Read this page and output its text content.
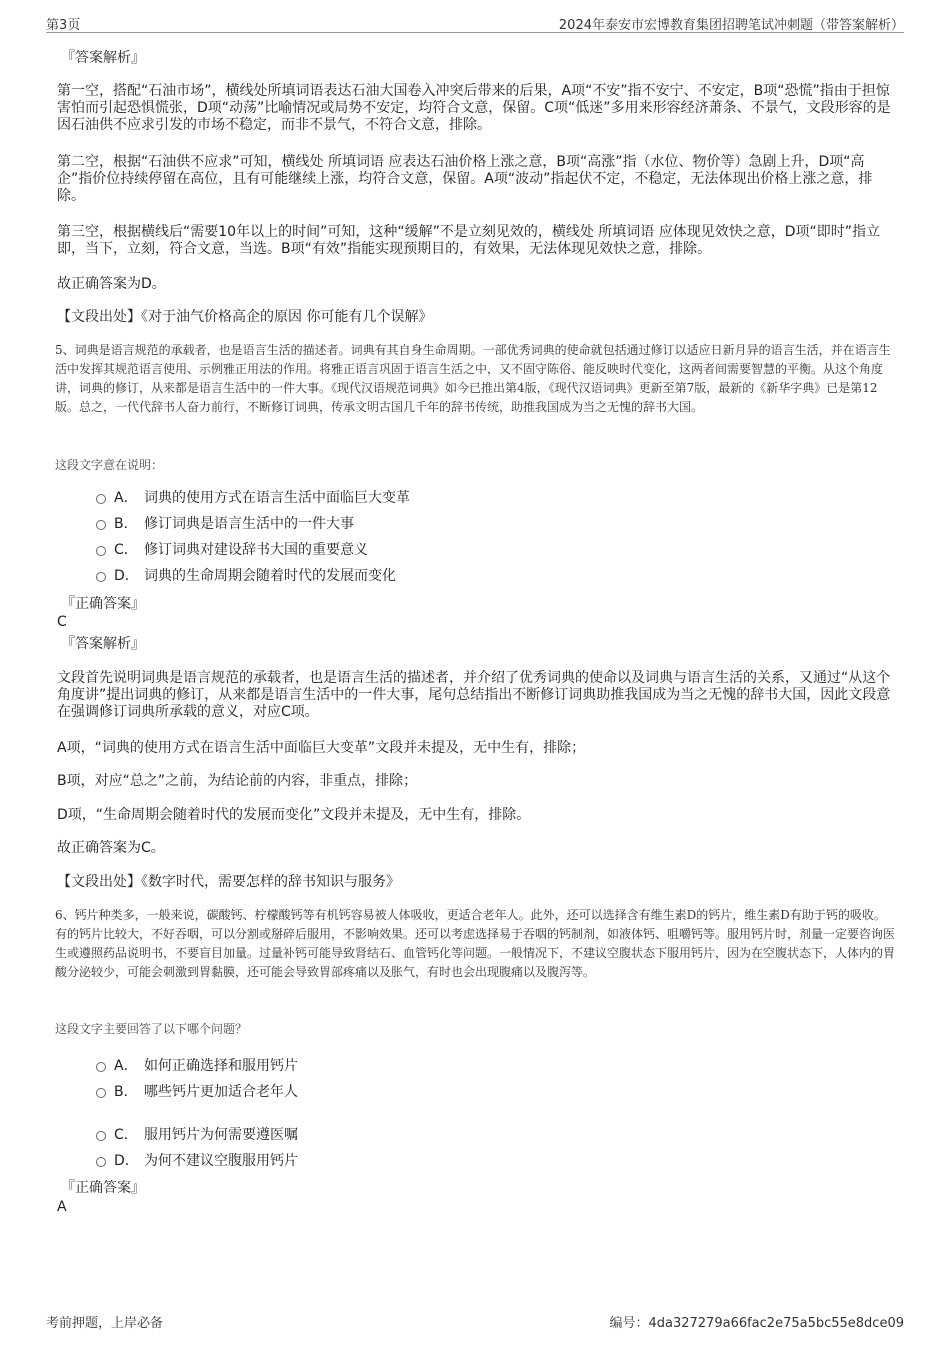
第3页	2024年泰安市宏博教育集团招聘笔试冲刺题（带答案解析）
『答案解析』
第一空，搭配“石油市场”，横线处所填词语表达石油大国卷入冲突后带来的后果，A项“不安”指不安宁、不安定，B项“恐慌”指由于担惊害怕而引起恐惧慌张，D项“动荡”比喻情况或局势不安定，均符合文意，保留。C项“低迷”多用来形容经济萧条、不景气，文段形容的是因石油供不应求引发的市场不稳定，而非不景气，不符合文意，排除。
第二空，根据“石油供不应求”可知，横线处 所填词语 应表达石油价格上涨之意，B项“高涨”指（水位、物价等）急剧上升，D项“高企”指价位持续停留在高位，且有可能继续上涨，均符合文意，保留。A项“波动”指起伏不定，不稳定，无法体现出价格上涨之意，排除。
第三空，根据横线后“需要10年以上的时间”可知，这种“缓解”不是立刻见效的，横线处 所填词语 应体现见效快之意，D项“即时”指立即，当下，立刻，符合文意，当选。B项“有效”指能实现预期目的，有效果，无法体现见效快之意，排除。
故正确答案为D。
【文段出处】《对于油气价格高企的原因 你可能有几个误解》
5、词典是语言规范的承载者，也是语言生活的描述者。词典有其自身生命周期。一部优秀词典的使命就包括通过修订以适应日新月异的语言生活，并在语言生活中发挥其规范语言使用、示例雅正用法的作用。将雅正语言巩固于语言生活之中，又不固守陈俗、能反映时代变化，这两者间需要智慧的平衡。从这个角度讲，词典的修订，从来都是语言生活中的一件大事。《现代汉语规范词典》如今已推出第4版，《现代汉语词典》更新至第7版，最新的《新华字典》已是第12版。总之，一代代辞书人奋力前行，不断修订词典，传承文明古国几千年的辞书传统，助推我国成为当之无愧的辞书大国。
这段文字意在说明：
A． 词典的使用方式在语言生活中面临巨大变革
B． 修订词典是语言生活中的一件大事
C． 修订词典对建设辞书大国的重要意义
D． 词典的生命周期会随着时代的发展而变化
『正确答案』
C
『答案解析』
文段首先说明词典是语言规范的承载者，也是语言生活的描述者，并介绍了优秀词典的使命以及词典与语言生活的关系，又通过“从这个角度讲”提出词典的修订，从来都是语言生活中的一件大事，尾句总结指出不断修订词典助推我国成为当之无愧的辞书大国，因此文段意在强调修订词典所承载的意义，对应C项。
A项，“词典的使用方式在语言生活中面临巨大变革”文段并未提及，无中生有，排除；
B项，对应“总之”之前，为结论前的内容，非重点，排除；
D项，“生命周期会随着时代的发展而变化”文段并未提及，无中生有，排除。
故正确答案为C。
【文段出处】《数字时代，需要怎样的辞书知识与服务》
6、钙片种类多，一般来说，碳酸钙、柠檬酸钙等有机钙容易被人体吸收，更适合老年人。此外，还可以选择含有维生素D的钙片，维生素D有助于钙的吸收。有的钙片比较大，不好吞咽，可以分割或掰碎后服用，不影响效果。还可以考虑选择易于吞咽的钙制剂，如液体钙、咀嚼钙等。服用钙片时，剂量一定要咨询医生或遵照药品说明书，不要盲目加量。过量补钙可能导致肾结石、血管钙化等问题。一般情况下，不建议空腹状态下服用钙片，因为在空腹状态下，人体内的胃酸分泌较少，可能会刺激到胃黏膜，还可能会导致胃部疼痛以及胀气，有时也会出现腹痛以及腹泻等。
这段文字主要回答了以下哪个问题？
A． 如何正确选择和服用钙片
B． 哪些钙片更加适合老年人
C． 服用钙片为何需要遵医嘱
D． 为何不建议空腹服用钙片
『正确答案』
A
考前押题，上岸必备	编号：4da327279a66fac2e75a5bc55e8dce09
